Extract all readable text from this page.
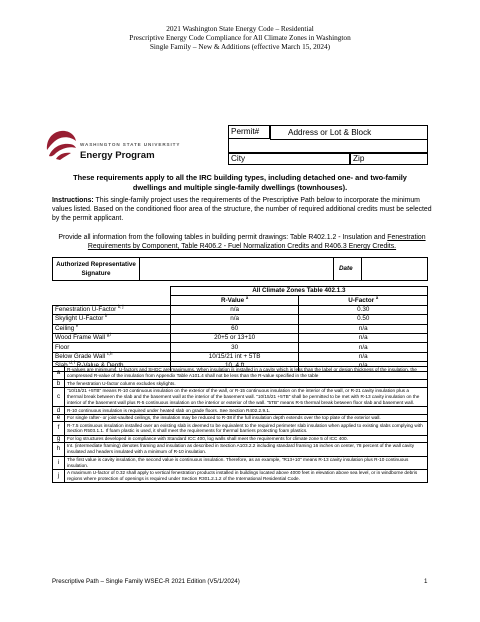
2021 Washington State Energy Code – Residential
Prescriptive Energy Code Compliance for All Climate Zones in Washington
Single Family – New & Additions (effective March 15, 2024)
WASHINGTON STATE UNIVERSITY
Energy Program
Permit#	Address or Lot & Block
City	Zip
These requirements apply to all the IRC building types, including detached one- and two-family dwellings and multiple single-family dwellings (townhouses).
Instructions: This single-family project uses the requirements of the Prescriptive Path below to incorporate the minimum values listed. Based on the conditioned floor area of the structure, the number of required additional credits must be selected by the permit applicant.
Provide all information from the following tables in building permit drawings: Table R402.1.2 - Insulation and Fenestration Requirements by Component, Table R406.2 - Fuel Normalization Credits and R406.3 Energy Credits.
Authorized Representative
Signature
Date
	All Climate Zones Table 402.1.3	
	R-Value $^a$	U-Factor $^a$
Fenestration U-Factor $^{b, j}$	n/a	0.30
Skylight U-Factor $^b$	n/a	0.50
Ceiling $^e$	60	n/a
Wood Frame Wall $^{g,i}$	20+5 or 13+10	n/a
Floor	30	n/a
Below Grade Wall $^{c,h}$	10/15/21 int + 5TB	n/a
Slab $^{d, f}$ R-Value & Depth	10, 4 ft	n/a
a	R-values are minimums. U-factors and SHGC are maximums. When insulation is installed in a cavity which is less than the label or design thickness of the insulation, the compressed R-value of the insulation from Appendix Table A101.4 shall not be less than the R-value specified in the table
b	The fenestration U-factor column excludes skylights.
c	"10/15/21 +5TB" means R-10 continuous insulation on the exterior of the wall, or R-15 continuous insulation on the interior of the wall, or R-21 cavity insulation plus a thermal break between the slab and the basement wall at the interior of the basement wall. "10/15/21 +5TB" shall be permitted to be met with R-13 cavity insulation on the interior of the basement wall plus R-5 continuous insulation on the interior or exterior of the wall. "5TB" means R-5 thermal break between floor slab and basement wall.
d	R-10 continuous insulation is required under heated slab on grade floors. See Section R402.2.9.1.
e	For single rafter- or joist-vaulted ceilings, the insulation may be reduced to R-38 if the full insulation depth extends over the top plate of the exterior wall.
f	R-7.5 continuous insulation installed over an existing slab is deemed to be equivalent to the required perimeter slab insulation when applied to existing slabs complying with Section R503.1.1. If foam plastic is used, it shall meet the requirements for thermal barriers protecting foam plastics.
g	For log structures developed in compliance with Standard ICC 400, log walls shall meet the requirements for climate zone 5 of ICC 400.
h	Int. (intermediate framing) denotes framing and insulation as described in Section A103.2.2 including standard framing 16 inches on center, 78 percent of the wall cavity insulated and headers insulated with a minimum of R-10 insulation.
i	The first value is cavity insulation, the second value is continuous insulation. Therefore, as an example, "R13+10" means R-13 cavity insulation plus R-10 continuous insulation.
j	A maximum U-factor of 0.32 shall apply to vertical fenestration products installed in buildings located above 4000 feet in elevation above sea level, or in windborne debris regions where protection of openings is required under Section R301.2.1.2 of the International Residential Code.
Prescriptive Path – Single Family WSEC-R 2021 Edition (V5/1/2024)	1
